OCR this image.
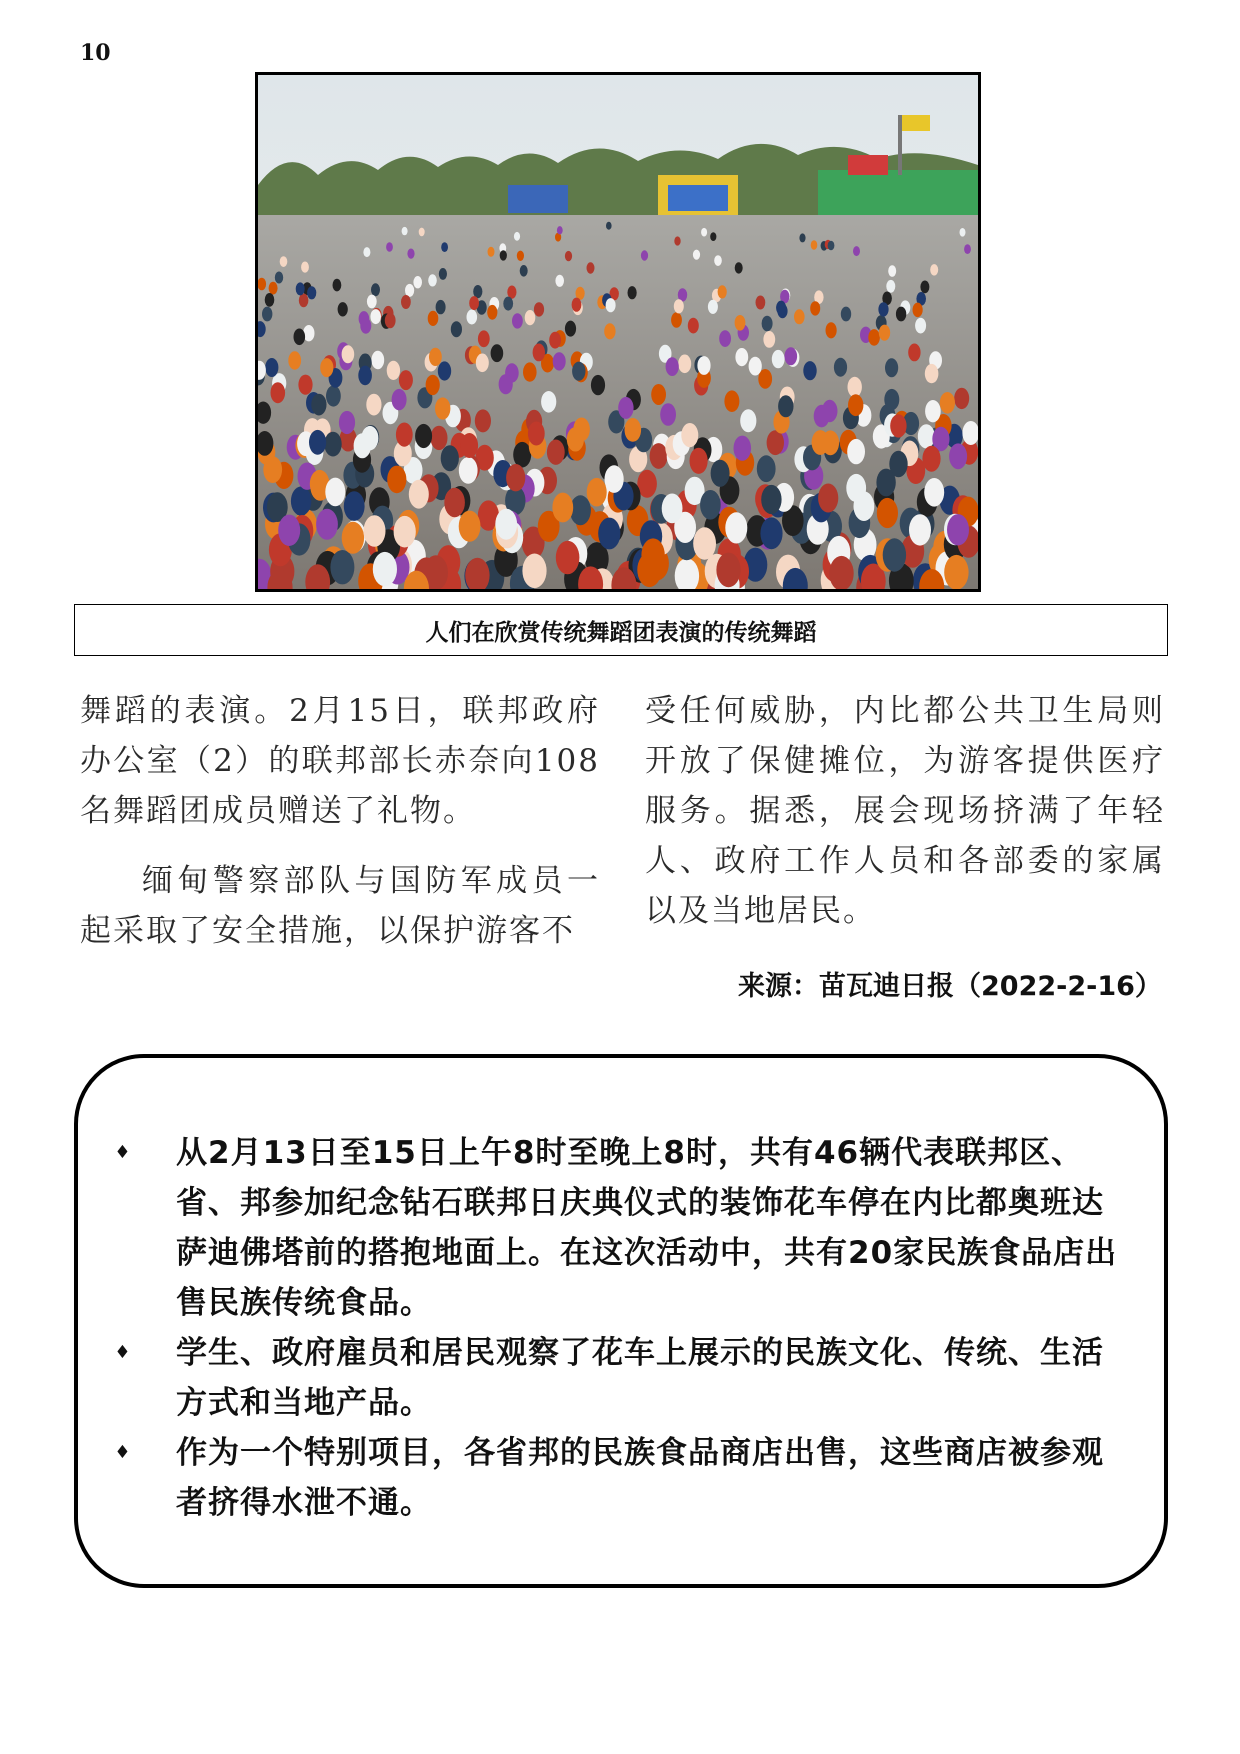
10
人们在欣赏传统舞蹈团表演的传统舞蹈

舞蹈的表演。2月15日，联邦政府办公室（2）的联邦部长赤奈向108名舞蹈团成员赠送了礼物。

缅甸警察部队与国防军成员一起采取了安全措施，以保护游客不

受任何威胁，内比都公共卫生局则开放了保健摊位，为游客提供医疗服务。据悉，展会现场挤满了年轻人、政府工作人员和各部委的家属以及当地居民。

来源：苗瓦迪日报（2022-2-16）
♦ 从2月13日至15日上午8时至晚上8时，共有46辆代表联邦区、省、邦参加纪念钻石联邦日庆典仪式的装饰花车停在内比都奥班达萨迪佛塔前的搭抱地面上。在这次活动中，共有20家民族食品店出售民族传统食品。
♦ 学生、政府雇员和居民观察了花车上展示的民族文化、传统、生活方式和当地产品。
♦ 作为一个特别项目，各省邦的民族食品商店出售，这些商店被参观者挤得水泄不通。
